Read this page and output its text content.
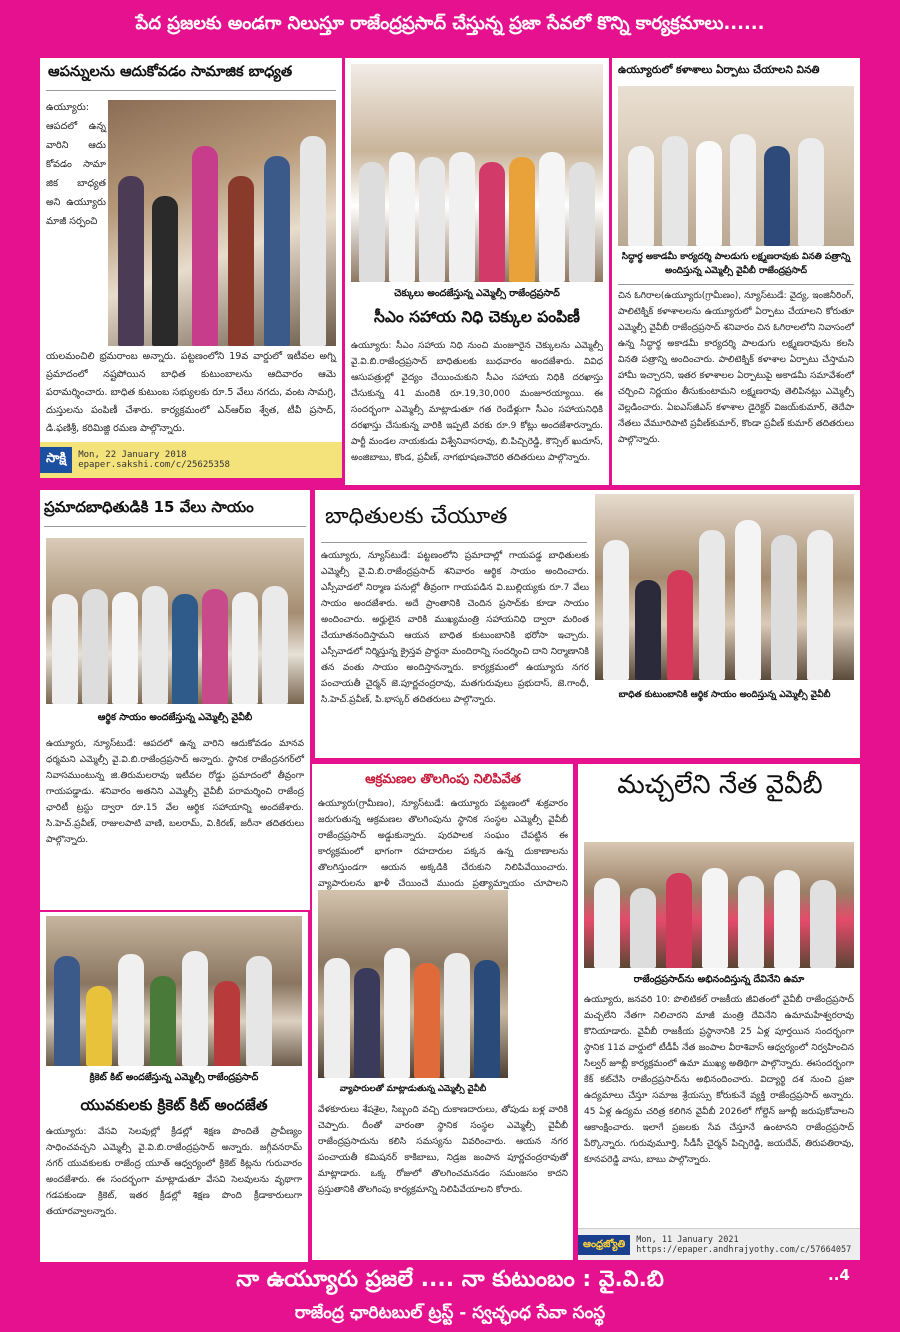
పేద ప్రజలకు అండగా నిలుస్తూ రాజేంద్రప్రసాద్ చేస్తున్న ప్రజా సేవలో కొన్ని కార్యక్రమాలు......
ఆపన్నులను ఆదుకోవడం సామాజిక బాధ్యత
ఉయ్యూరు: ఆపదలో ఉన్న వారిని ఆదు కోవడం సామా జిక బాధ్యత అని ఉయ్యూరు మాజీ సర్పంచి
యలమంచిలి భ్రమరాంబ అన్నారు. పట్టణంలోని 19వ వార్డులో ఇటీవల అగ్ని ప్రమాదంలో నష్టపోయిన బాధిత కుటుంబాలను ఆదివారం ఆమె పరామర్శించారు. బాధిత కుటుంబ సభ్యులకు రూ.5 వేలు నగదు, వంట సామగ్రి, దుస్తులను పంపిణీ చేశారు. కార్యక్రమంలో ఎన్ఆర్ఐ శ్వేత, టీవీ ప్రసాద్, డి.ఫణిశ్రీ, కరిమిజ్జి రమణ పాల్గొన్నారు.
సాక్షి	Mon, 22 January 2018
epaper.sakshi.com/c/25625358
చెక్కులు అందజేస్తున్న ఎమ్మెల్సీ రాజేంద్రప్రసాద్
సీఎం సహాయ నిధి చెక్కుల పంపిణీ
ఉయ్యూరు: సీఎం సహాయ నిధి నుంచి మంజూరైన చెక్కులను ఎమ్మెల్సీ వై.వి.బి.రాజేంద్రప్రసాద్ బాధితులకు బుధవారం అందజేశారు. వివిధ ఆసుపత్రుల్లో వైద్యం చేయించుకుని సీఎం సహాయ నిధికి దరఖాస్తు చేసుకున్న 41 మందికి రూ.19,30,000 మంజూరయ్యాయి. ఈ సందర్భంగా ఎమ్మెల్సీ మాట్లాడుతూ గత రెండేళ్లుగా సీఎం సహాయనిధికి దరఖాస్తు చేసుకున్న వారికి ఇప్పటి వరకు రూ.9 కోట్లు అందజేశారన్నారు. పార్టీ మండల నాయకుడు విశ్వేనివాసరావు, బి.పిచ్చిరెడ్డి, కౌన్సిల్ ఖుదూస్, అంజిబాబు, కొండ, ప్రవీణ్, నాగభూషణచౌదరి తదితరులు పాల్గొన్నారు.
ఉయ్యూరులో కళాశాలు ఏర్పాటు చేయాలని వినతి
సిద్ధార్థ అకాడమీ కార్యదర్శి పాలడుగు లక్ష్మణరావుకు వినతి పత్రాన్ని అందిస్తున్న ఎమ్మెల్సీ వైవీబీ రాజేంద్రప్రసాద్
చిన ఓగిరాల(ఉయ్యూరు(గ్రామీణం), న్యూస్‌టుడే: వైద్య, ఇంజినీరింగ్, పాలిటెక్నిక్ కళాశాలలను ఉయ్యూరులో ఏర్పాటు చేయాలని కోరుతూ ఎమ్మెల్సీ వైవీబీ రాజేంద్రప్రసాద్ శనివారం చిన ఓగిరాలలోని నివాసంలో ఉన్న సిద్ధార్థ అకాడమీ కార్యదర్శి పాలడుగు లక్ష్మణరావును కలసి వినతి పత్రాన్ని అందించారు. పాలిటెక్నిక్ కళాశాల ఏర్పాటు చేస్తామని హామీ ఇచ్చారని, ఇతర కళాశాలల ఏర్పాటుపై అకాడమీ సమావేశంలో చర్చించి నిర్ణయం తీసుకుంటామని లక్ష్మణరావు తెలిపినట్లు ఎమ్మెల్సీ వెల్లడించారు. ఏఐఎస్‌జీఎస్ కళాశాల డైరెక్టర్ విజయ్‌కుమార్, తెదేపా నేతలు వేమూరిపాటి ప్రవీణ్‌కుమార్, కొండా ప్రవీణ్ కుమార్ తదితరులు పాల్గొన్నారు.
ప్రమాదబాధితుడికి 15 వేలు సాయం
ఆర్థిక సాయం అందజేస్తున్న ఎమ్మెల్సీ వైవీబీ
ఉయ్యూరు, న్యూస్‌టుడే: ఆపదలో ఉన్న వారిని ఆదుకోవడం మానవ ధర్మమని ఎమ్మెల్సీ వై.వి.బి.రాజేంద్రప్రసాద్ అన్నారు. స్థానిక రాజేంద్రనగర్‌లో నివాసముంటున్న జి.తిరుమలరావు ఇటీవల రోడ్డు ప్రమాదంలో తీవ్రంగా గాయపడ్డాడు. శనివారం అతనిని ఎమ్మెల్సీ వైవీబీ పరామర్శించి రాజేంద్ర ఛారిటీ ట్రస్టు ద్వారా రూ.15 వేల ఆర్థిక సహాయాన్ని అందజేశారు. సి.హెచ్.ప్రవీణ్, రాజులపాటి వాణి, బలరామ్, వి.కిరణ్, జరీనా తదితరులు పాల్గొన్నారు.
బాధితులకు చేయూత
ఉయ్యూరు, న్యూస్‌టుడే: పట్టణంలోని ప్రమాదాల్లో గాయపడ్డ బాధితులకు ఎమ్మెల్సీ వై.వి.బి.రాజేంద్రప్రసాద్ శనివారం ఆర్థిక సాయం అందించారు. ఎస్సీవాడలో నిర్మాణ పనుల్లో తీవ్రంగా గాయపడిన వి.బుల్లియ్యకు రూ.7 వేలు సాయం అందజేశారు. అదే ప్రాంతానికి చెందిన ప్రసాద్‌కు కూడా సాయం అందించారు. అర్హులైన వారికి ముఖ్యమంత్రి సహాయనిధి ద్వారా మరింత చేయూతనందిస్తామని ఆయన బాధిత కుటుంబానికి భరోసా ఇచ్చారు. ఎస్సీవాడలో నిర్మిస్తున్న క్రైస్తవ ప్రార్థనా మందిరాన్ని సందర్శించి దాని నిర్మాణానికి తన వంతు సాయం అందిస్తానన్నారు. కార్యక్రమంలో ఉయ్యూరు నగర పంచాయతీ చైర్మన్ జె.పూర్ణచంద్రరావు, మతగురువులు ప్రభుదాస్, జె.గాంధీ, సి.హెచ్.ప్రవీణ్, పి.భాస్కర్ తదితరులు పాల్గొన్నారు.	బాధిత కుటుంబానికి ఆర్థిక సాయం అందిస్తున్న ఎమ్మెల్సీ వైవీబీ
ఆక్రమణల తొలగింపు నిలిపివేత
ఉయ్యూరు(గ్రామీణం), న్యూస్‌టుడే: ఉయ్యూరు పట్టణంలో శుక్రవారం జరుగుతున్న ఆక్రమణల తొలగింపును స్థానిక సంస్థల ఎమ్మెల్సీ వైవీబీ రాజేంద్రప్రసాద్ అడ్డుకున్నారు. పురపాలక సంఘం చేపట్టిన ఈ కార్యక్రమంలో భాగంగా రహదారుల పక్కన ఉన్న దుకాణాలను తొలగిస్తుండగా ఆయన అక్కడికి చేరుకుని నిలిపివేయించారు. వ్యాపారులను ఖాళీ చేయించే ముందు ప్రత్యామ్నాయం చూపాలని
వ్యాపారులతో మాట్లాడుతున్న ఎమ్మెల్సీ వైవీబీ
వేళకూరులు శేషశైల, సిబ్బంది వచ్చి దుకాణదారులు, తోపుడు బళ్ల వారికి చెప్పారు. దీంతో వారంతా స్థానిక సంస్థల ఎమ్మెల్సీ వైవీబీ రాజేంద్రప్రసాదును కలిసి సమస్యను వివరించారు. ఆయన నగర పంచాయతీ కమిషనర్ కాకిబాబు, నిడ్రజ జంపాన పూర్ణచంద్రరావుతో మాట్లాడారు. ఒక్క రోజులో తొలగించమనడం సమంజసం కాదని ప్రస్తుతానికి తొలగింపు కార్యక్రమాన్ని నిలిపివేయాలని కోరారు.
క్రికెట్ కిట్ అందజేస్తున్న ఎమ్మెల్సీ రాజేంద్రప్రసాద్
యువకులకు క్రికెట్ కిట్ అందజేత
ఉయ్యూరు: వేసవి సెలవుల్లో క్రీడల్లో శిక్షణ పొందితే ప్రావీణ్యం సాధించవచ్చని ఎమ్మెల్సీ వై.వి.బి.రాజేంద్రప్రసాద్ అన్నారు. జగ్గీవనరామ్ నగర్ యువకులకు రాజేంద్ర యూత్ ఆధ్వర్యంలో క్రికెట్ కిట్లను గురువారం అందజేశారు. ఈ సందర్భంగా మాట్లాడుతూ వేసవి సెలవులను వృథాగా గడపకుండా క్రికెట్, ఇతర క్రీడల్లో శిక్షణ పొంది క్రీడాకారులుగా తయారవ్వాలన్నారు.
మచ్చలేని నేత వైవీబీ
రాజేంద్రప్రసాద్‌ను అభినందిస్తున్న దేవినేని ఉమా
ఉయ్యూరు, జనవరి 10: పొలిటికల్ రాజకీయ జీవితంలో వైవీబీ రాజేంద్రప్రసాద్ మచ్చలేని నేతగా నిలిచారని మాజీ మంత్రి దేవినేని ఉమామహేశ్వరరావు కొనియాడారు. వైవీబీ రాజకీయ ప్రస్థానానికి 25 ఏళ్ల పూర్తయిన సందర్భంగా స్థానిక 11వ వార్డులో టీడీపీ నేత జంపాల వీరాశివాస్ ఆధ్వర్యంలో నిర్వహించిన సిల్వర్ జూబ్లీ కార్యక్రమంలో ఉమా ముఖ్య అతిథిగా పాల్గొన్నారు. ఈసందర్భంగా కేక్ కట్‌చేసి రాజేంద్రప్రసాద్‌ను అభినందించారు. విద్యార్థి దశ నుంచి ప్రజా ఉద్యమాలు చేస్తూ సమాజ శ్రేయస్సు కోరుకునే వ్యక్తి రాజేంద్రప్రసాద్ అన్నారు. 45 ఏళ్ల ఉద్యమ చరిత్ర కలిగిన వైవీబీ 2026లో గోల్డెన్ జూబ్లీ జరుపుకోవాలని ఆకాంక్షించారు. ఇలాగే ప్రజలకు సేవ చేస్తూనే ఉంటానని రాజేంద్రప్రసాద్ పేర్కొన్నారు. గురువుమూర్తి, సీడీసీ చైర్మన్ పిచ్చిరెడ్డి, జయదేవ్, తిరుపతిరావు, కూనపరెడ్డి వాసు, బాబు పాల్గొన్నారు.
ఆంధ్రజ్యోతి	Mon, 11 January 2021
https://epaper.andhrajyothy.com/c/57664057
నా ఉయ్యూరు ప్రజలే .... నా కుటుంబం : వై.వి.బి
రాజేంద్ర ఛారిటబుల్ ట్రస్ట్ - స్వచ్ఛంధ సేవా సంస్థ
..4
